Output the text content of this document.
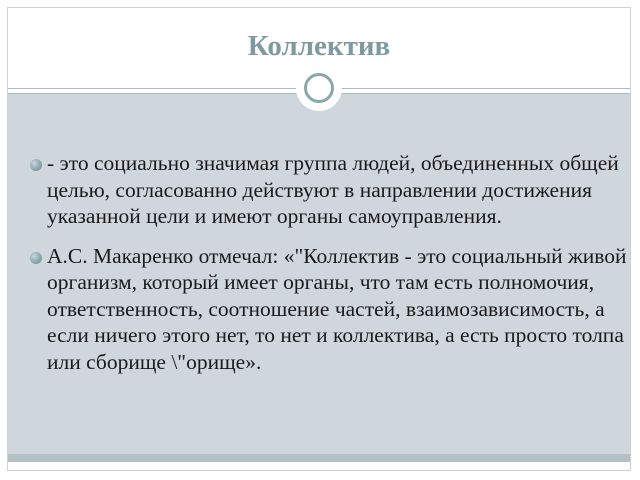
Коллектив
- это социально значимая группа людей, объединенных общей целью, согласованно действуют в направлении достижения указанной цели и имеют органы самоуправления.
А.С. Макаренко отмечал: «"Коллектив - это социальный живой организм, который имеет органы, что там есть полномочия, ответственность, соотношение частей, взаимозависимость, а если ничего этого нет, то нет и коллектива, а есть просто толпа или сборище \"орище».
